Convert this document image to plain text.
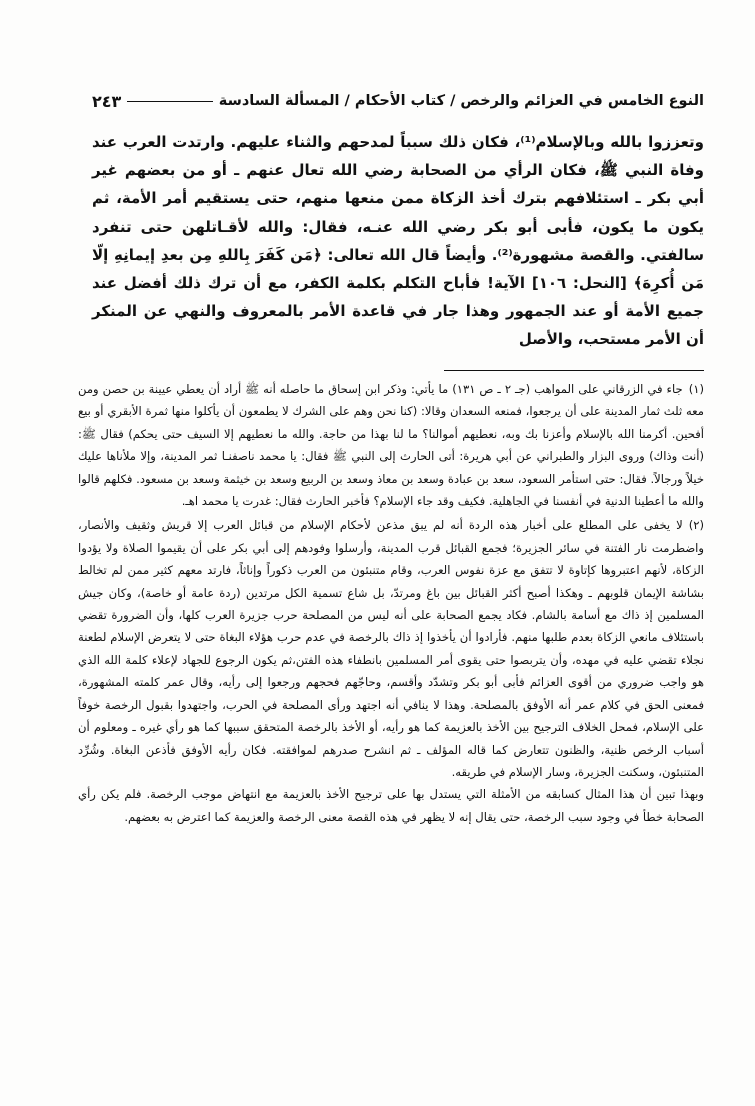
النوع الخامس في العزائم والرخص / كتاب الأحكام / المسألة السادسة
٢٤٣

وتعززوا بالله وبالإسلام⁽¹⁾، فكان ذلك سبباً لمدحهم والثناء عليهم. وارتدت العرب عند وفاة النبي ﷺ، فكان الرأي من الصحابة رضي الله تعال عنهم ـ أو من بعضهم غير أبي بكر ـ استئلافهم بترك أخذ الزكاة ممن منعها منهم، حتى يستقيم أمر الأمة، ثم يكون ما يكون، فأبى أبو بكر رضي الله عنـه، فقال: والله لأقـاتلهن حتى تنفرد سالفتي. والقصة مشهورة⁽²⁾. وأيضاً قال الله تعالى: ﴿مَن كَفَرَ بِاللهِ مِن بعدِ إيمانِهِ إلّا مَن أُكرِهَ﴾ [النحل: ١٠٦] الآية! فأباح التكلم بكلمة الكفر، مع أن ترك ذلك أفضل عند جميع الأمة أو عند الجمهور وهذا جار في قاعدة الأمر بالمعروف والنهي عن المنكر أن الأمر مستحب، والأصل

(١)جاء في الزرقاني على المواهب (جـ ٢ ـ ص ١٣١) ما يأتي: وذكر ابن إسحاق ما حاصله أنه ﷺ أراد أن يعطي عيينة بن حصن ومن معه ثلث ثمار المدينة على أن يرجعوا، فمنعه السعدان وقالا: (كنا نحن وهم على الشرك لا يطمعون أن يأكلوا منها ثمرة الأبقري أو بيع أفحين. أكرمنا الله بالإسلام وأعزنا بك وبه، نعطيهم أموالنا؟ ما لنا بهذا من حاجة. والله ما نعطيهم إلا السيف حتى يحكم) فقال ﷺ: (أنت وذاك) وروى البزار والطبراني عن أبي هريرة: أتى الحارث إلى النبي ﷺ فقال: يا محمد ناصفنـا ثمر المدينة، وإلا ملأناها عليك خيلاً ورجالاً. فقال: حتى استأمر السعود، سعد بن عبادة وسعد بن معاذ وسعد بن الربيع وسعد بن خيثمة وسعد بن مسعود. فكلهم قالوا والله ما أعطينا الدنية في أنفسنا في الجاهلية. فكيف وقد جاء الإسلام؟ فأخبر الحارث فقال: غدرت يا محمد اهـ.

(٢)لا يخفى على المطلع على أخبار هذه الردة أنه لم يبق مذعن لأحكام الإسلام من قبائل العرب إلا قريش وثقيف والأنصار، واضطرمت نار الفتنة في سائر الجزيرة؛ فجمع القبائل قرب المدينة، وأرسلوا وفودهم إلى أبي بكر على أن يقيموا الصلاة ولا يؤدوا الزكاة، لأنهم اعتبروها كإتاوة لا تتفق مع عزة نفوس العرب، وقام متنبئون من العرب ذكوراً وإناثاً، فارتد معهم كثير ممن لم تخالط بشاشة الإيمان قلوبهم ـ وهكذا أصبح أكثر القبائل بين باغ ومرتدّ، بل شاع تسمية الكل مرتدين (ردة عامة أو خاصة)، وكان جيش المسلمين إذ ذاك مع أسامة بالشام. فكاد يجمع الصحابة على أنه ليس من المصلحة حرب جزيرة العرب كلها، وأن الضرورة تقضي باستئلاف مانعي الزكاة بعدم طلبها منهم. فأرادوا أن يأخذوا إذ ذاك بالرخصة في عدم حرب هؤلاء البغاة حتى لا يتعرض الإسلام لطعنة نجلاء تقضي عليه في مهده، وأن يتربصوا حتى يقوى أمر المسلمين بانطفاء هذه الفتن،ثم يكون الرجوع للجهاد لإعلاء كلمة الله الذي هو واجب ضروري من أقوى العزائم فأبى أبو بكر وتشدّد وأقسم، وحاجّهم فحجهم ورجعوا إلى رأيه، وقال عمر كلمته المشهورة، فمعنى الحق في كلام عمر أنه الأوفق بالمصلحة. وهذا لا ينافي أنه اجتهد ورأى المصلحة في الحرب، واجتهدوا بقبول الرخصة خوفاً على الإسلام، فمحل الخلاف الترجيح بين الأخذ بالعزيمة كما هو رأيه، أو الأخذ بالرخصة المتحقق سببها كما هو رأي غيره ـ ومعلوم أن أسباب الرخص ظنية، والظنون تتعارض كما قاله المؤلف ـ ثم انشرح صدرهم لموافقته. فكان رأيه الأوفق فأذعن البغاة. وشُرِّد المتنبئون، وسكنت الجزيرة، وسار الإسلام في طريقه.

وبهذا تبين أن هذا المثال كسابقه من الأمثلة التي يستدل بها على ترجيح الأخذ بالعزيمة مع انتهاض موجب الرخصة. فلم يكن رأي الصحابة خطأ في وجود سبب الرخصة، حتى يقال إنه لا يظهر في هذه القصة معنى الرخصة والعزيمة كما اعترض به بعضهم.
